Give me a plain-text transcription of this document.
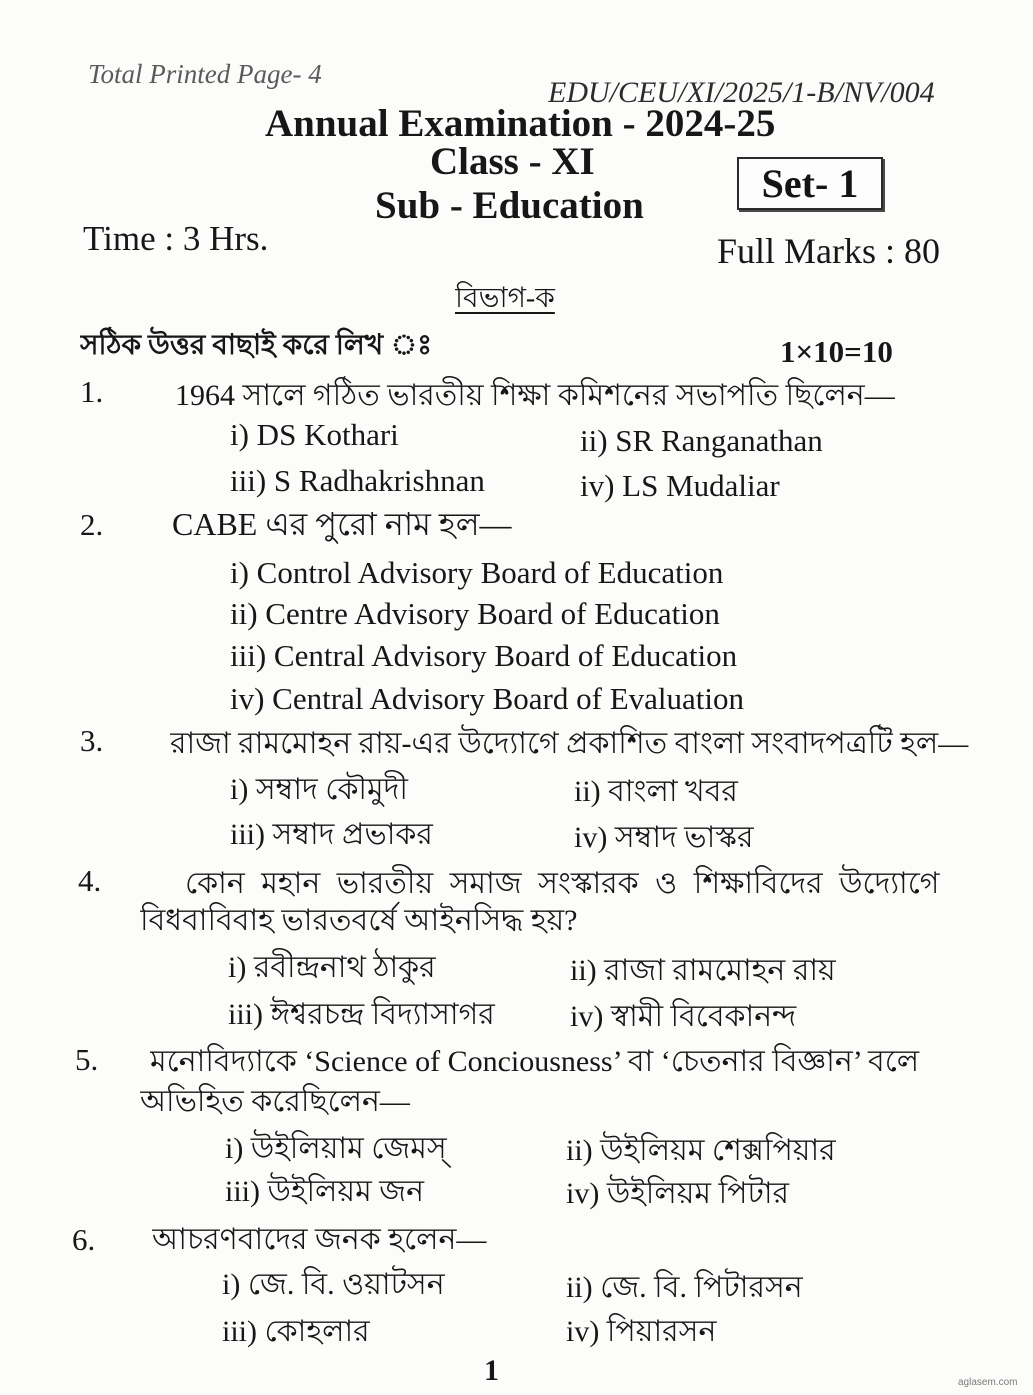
Total Printed Page- 4
EDU/CEU/XI/2025/1-B/NV/004
Annual Examination - 2024-25
Class - XI
Sub - Education	Set- 1
Time : 3 Hrs.	Full Marks : 80
বিভাগ-ক
সঠিক উত্তর বাছাই করে লিখ ঃ	1×10=10
1.	1964 সালে গঠিত ভারতীয় শিক্ষা কমিশনের সভাপতি ছিলেন—
i) DS Kothari	ii) SR Ranganathan
iii) S Radhakrishnan	iv) LS Mudaliar
2.	CABE এর পুরো নাম হল—
i) Control Advisory Board of Education
ii) Centre Advisory Board of Education
iii) Central Advisory Board of Education
iv) Central Advisory Board of Evaluation
3.	রাজা রামমোহন রায়-এর উদ্যোগে প্রকাশিত বাংলা সংবাদপত্রটি হল—
i) সম্বাদ কৌমুদী	ii) বাংলা খবর
iii) সম্বাদ প্রভাকর	iv) সম্বাদ ভাস্কর
4.	কোন মহান ভারতীয় সমাজ সংস্কারক ও শিক্ষাবিদের উদ্যোগে
বিধবাবিবাহ ভারতবর্ষে আইনসিদ্ধ হয়?
i) রবীন্দ্রনাথ ঠাকুর	ii) রাজা রামমোহন রায়
iii) ঈশ্বরচন্দ্র বিদ্যাসাগর	iv) স্বামী বিবেকানন্দ
5.	মনোবিদ্যাকে ‘Science of Conciousness’ বা ‘চেতনার বিজ্ঞান’ বলে
অভিহিত করেছিলেন—
i) উইলিয়াম জেমস্	ii) উইলিয়ম শেক্সপিয়ার
iii) উইলিয়ম জন	iv) উইলিয়ম পিটার
6.	আচরণবাদের জনক হলেন—
i) জে. বি. ওয়াটসন	ii) জে. বি. পিটারসন
iii) কোহলার	iv) পিয়ারসন
1	aglasem.com
